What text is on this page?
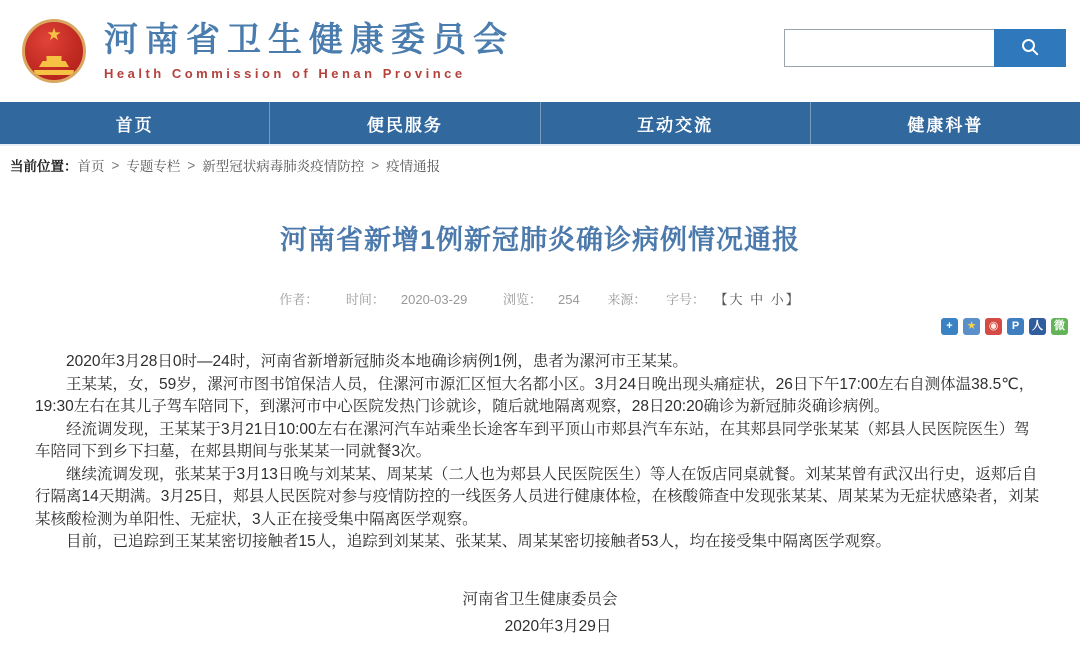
★	河南省卫生健康委员会
Health Commission of Henan Province
首页	便民服务	互动交流	健康科普
当前位置： 首页 > 专题专栏 > 新型冠状病毒肺炎疫情防控 > 疫情通报
河南省新增1例新冠肺炎确诊病例情况通报
作者： 时间： 2020-03-29	浏览： 254 来源： 字号： 【大 中 小】
+	★	◉	P	人 微

2020年3月28日0时—24时，河南省新增新冠肺炎本地确诊病例1例，患者为漯河市王某某。

王某某，女，59岁，漯河市图书馆保洁人员，住漯河市源汇区恒大名都小区。3月24日晚出现头痛症状，26日下午17:00左右自测体温38.5℃，19:30左右在其儿子驾车陪同下，到漯河市中心医院发热门诊就诊，随后就地隔离观察，28日20:20确诊为新冠肺炎确诊病例。

经流调发现，王某某于3月21日10:00左右在漯河汽车站乘坐长途客车到平顶山市郏县汽车东站，在其郏县同学张某某（郏县人民医院医生）驾车陪同下到乡下扫墓，在郏县期间与张某某一同就餐3次。

继续流调发现，张某某于3月13日晚与刘某某、周某某（二人也为郏县人民医院医生）等人在饭店同桌就餐。刘某某曾有武汉出行史，返郏后自行隔离14天期满。3月25日，郏县人民医院对参与疫情防控的一线医务人员进行健康体检，在核酸筛查中发现张某某、周某某为无症状感染者，刘某某核酸检测为单阳性、无症状，3人正在接受集中隔离医学观察。

目前，已追踪到王某某密切接触者15人，追踪到刘某某、张某某、周某某密切接触者53人，均在接受集中隔离医学观察。

河南省卫生健康委员会
2020年3月29日
